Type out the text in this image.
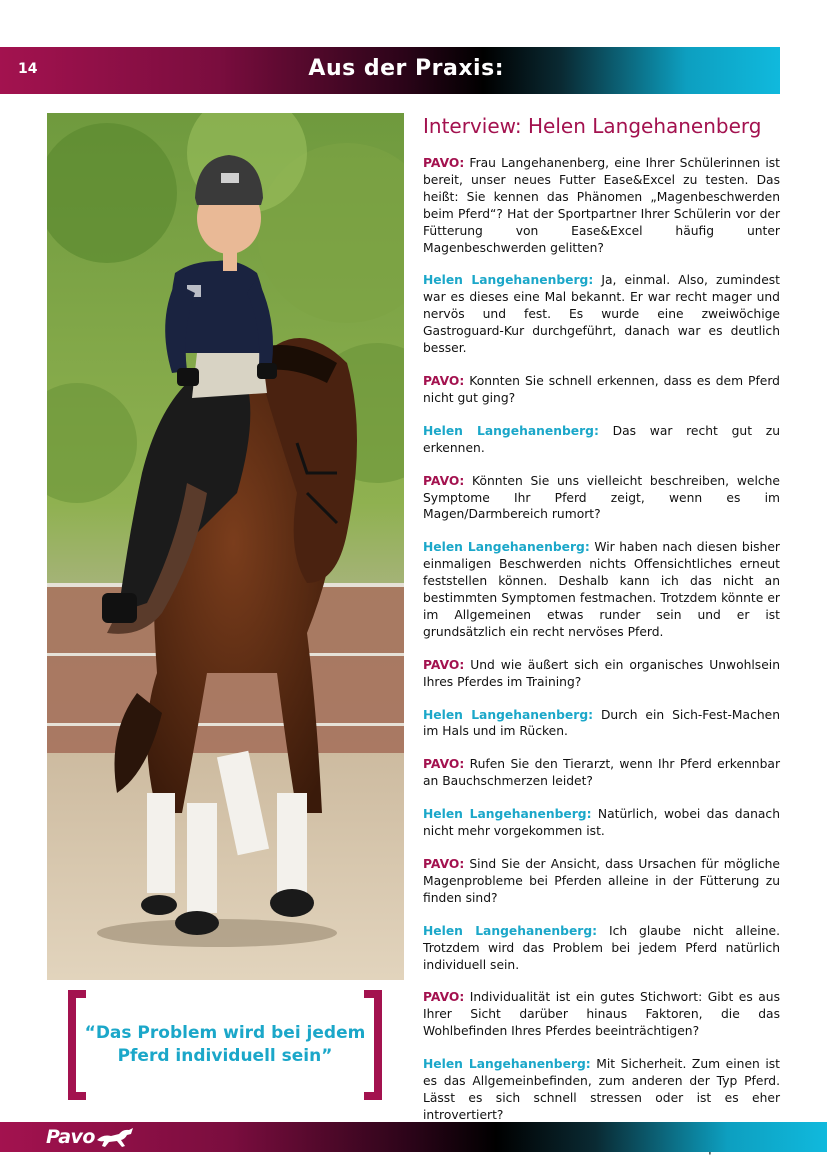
14	Aus der Praxis:
“Das Problem wird bei jedem
Pferd individuell sein”
Interview: Helen Langehanenberg

PAVO: Frau Langehanenberg, eine Ihrer Schülerinnen ist bereit, unser neues Futter Ease&Excel zu testen. Das heißt: Sie kennen das Phänomen „Magenbeschwerden beim Pferd“? Hat der Sportpartner Ihrer Schülerin vor der Fütterung von Ease&Excel häufig unter Magenbeschwerden gelitten?

Helen Langehanenberg: Ja, einmal. Also, zumindest war es dieses eine Mal bekannt. Er war recht mager und nervös und fest. Es wurde eine zweiwöchige Gastroguard-Kur durchgeführt, danach war es deutlich besser.

PAVO: Konnten Sie schnell erkennen, dass es dem Pferd nicht gut ging?

Helen Langehanenberg: Das war recht gut zu erkennen.

PAVO: Könnten Sie uns vielleicht beschreiben, welche Symptome Ihr Pferd zeigt, wenn es im Magen/Darmbereich rumort?

Helen Langehanenberg: Wir haben nach diesen bisher einmaligen Beschwerden nichts Offensichtliches erneut feststellen können. Deshalb kann ich das nicht an bestimmten Symptomen festmachen. Trotzdem könnte er im Allgemeinen etwas runder sein und er ist grundsätzlich ein recht nervöses Pferd.

PAVO: Und wie äußert sich ein organisches Unwohlsein Ihres Pferdes im Training?

Helen Langehanenberg: Durch ein Sich-Fest-Machen im Hals und im Rücken.

PAVO: Rufen Sie den Tierarzt, wenn Ihr Pferd erkennbar an Bauchschmerzen leidet?

Helen Langehanenberg: Natürlich, wobei das danach nicht mehr vorgekommen ist.

PAVO: Sind Sie der Ansicht, dass Ursachen für mögliche Magenprobleme bei Pferden alleine in der Fütterung zu finden sind?

Helen Langehanenberg: Ich glaube nicht alleine. Trotzdem wird das Problem bei jedem Pferd natürlich individuell sein.

PAVO: Individualität ist ein gutes Stichwort: Gibt es aus Ihrer Sicht darüber hinaus Faktoren, die das Wohlbefinden Ihres Pferdes beeinträchtigen?

Helen Langehanenberg: Mit Sicherheit. Zum einen ist es das Allgemeinbefinden, zum anderen der Typ Pferd. Lässt es sich schnell stressen oder ist es eher introvertiert?

Pavo
